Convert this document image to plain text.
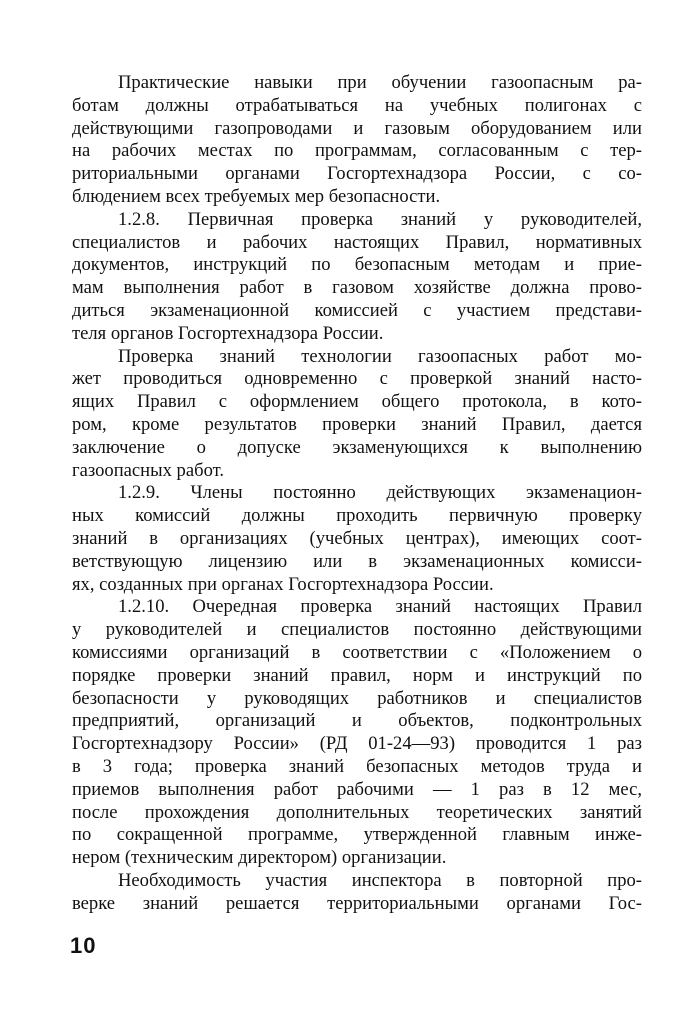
Практические навыки при обучении газоопасным ра-
ботам должны отрабатываться на учебных полигонах с
действующими газопроводами и газовым оборудованием или
на рабочих местах по программам, согласованным с тер-
риториальными органами Госгортехнадзора России, с со-
блюдением всех требуемых мер безопасности.
1.2.8. Первичная проверка знаний у руководителей,
специалистов и рабочих настоящих Правил, нормативных
документов, инструкций по безопасным методам и прие-
мам выполнения работ в газовом хозяйстве должна прово-
диться экзаменационной комиссией с участием представи-
теля органов Госгортехнадзора России.
Проверка знаний технологии газоопасных работ мо-
жет проводиться одновременно с проверкой знаний насто-
ящих Правил с оформлением общего протокола, в кото-
ром, кроме результатов проверки знаний Правил, дается
заключение о допуске экзаменующихся к выполнению
газоопасных работ.
1.2.9. Члены постоянно действующих экзаменацион-
ных комиссий должны проходить первичную проверку
знаний в организациях (учебных центрах), имеющих соот-
ветствующую лицензию или в экзаменационных комисси-
ях, созданных при органах Госгортехнадзора России.
1.2.10. Очередная проверка знаний настоящих Правил
у руководителей и специалистов постоянно действующими
комиссиями организаций в соответствии с «Положением о
порядке проверки знаний правил, норм и инструкций по
безопасности у руководящих работников и специалистов
предприятий, организаций и объектов, подконтрольных
Госгортехнадзору России» (РД 01-24—93) проводится 1 раз
в 3 года; проверка знаний безопасных методов труда и
приемов выполнения работ рабочими — 1 раз в 12 мес,
после прохождения дополнительных теоретических занятий
по сокращенной программе, утвержденной главным инже-
нером (техническим директором) организации.
Необходимость участия инспектора в повторной про-
верке знаний решается территориальными органами Гос-
10
